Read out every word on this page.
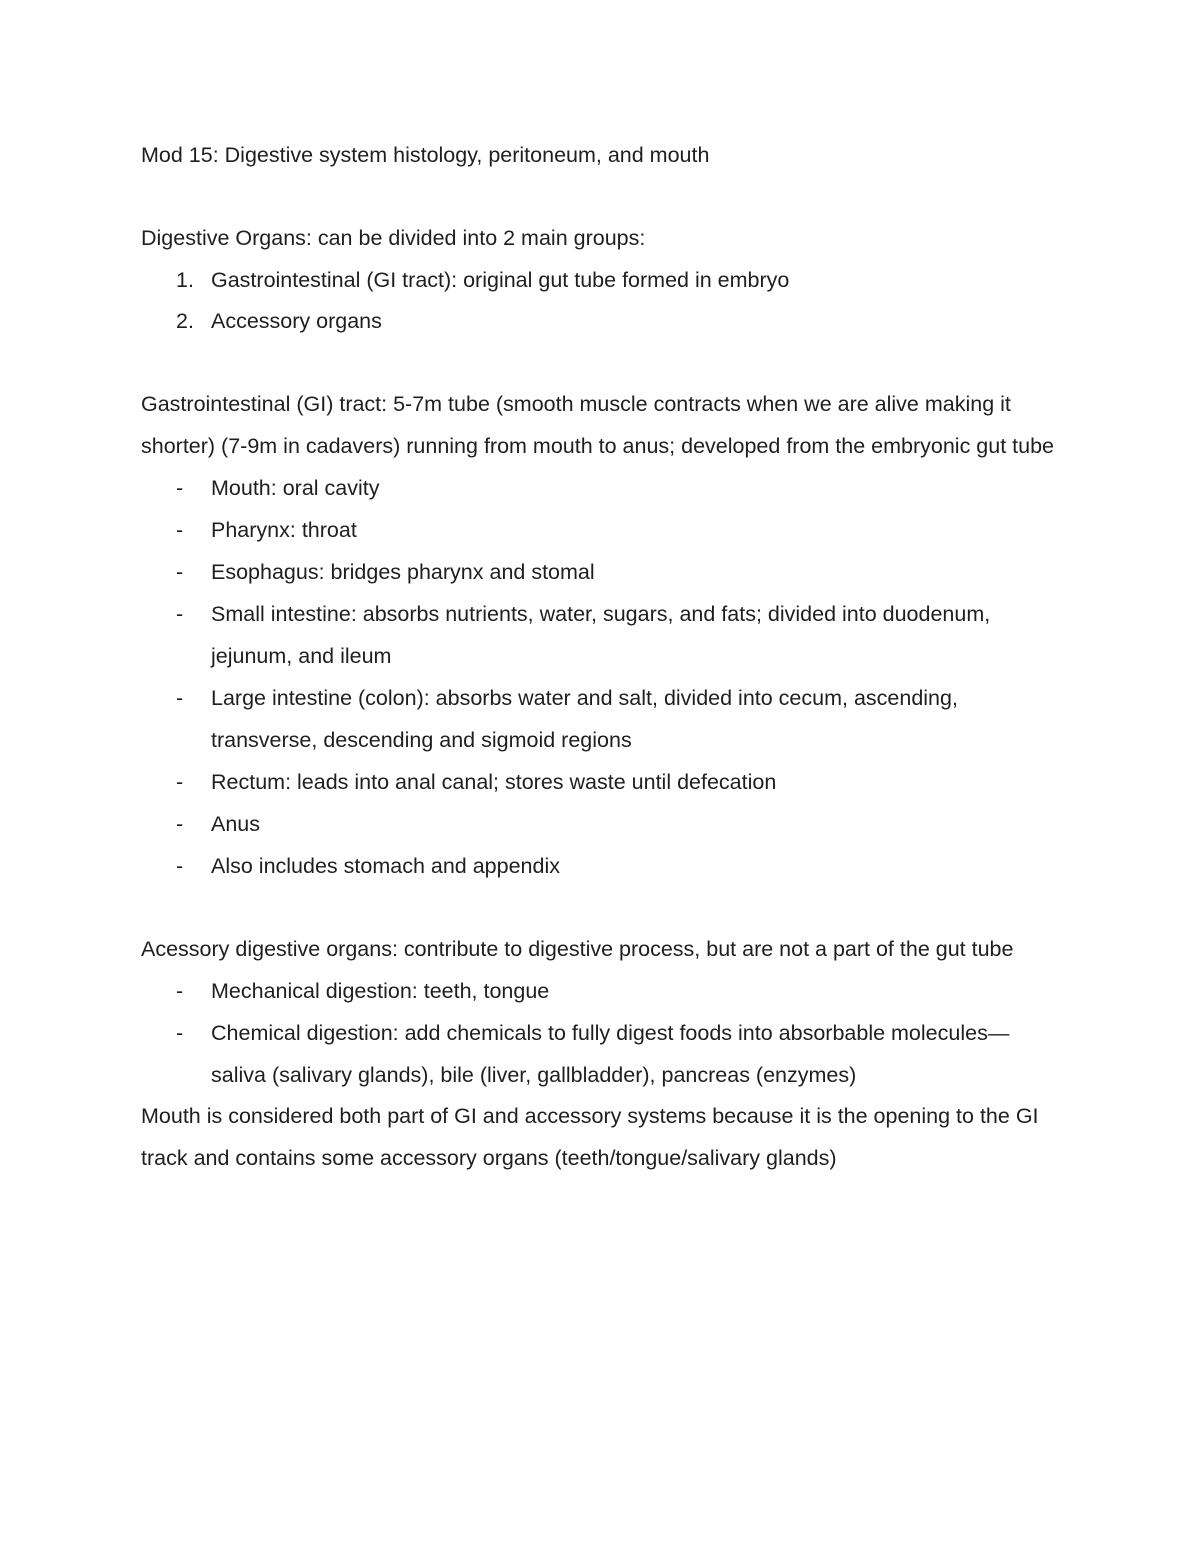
Mod 15: Digestive system histology, peritoneum, and mouth

Digestive Organs: can be divided into 2 main groups:

1. Gastrointestinal (GI tract): original gut tube formed in embryo
2. Accessory organs

Gastrointestinal (GI) tract: 5-7m tube (smooth muscle contracts when we are alive making it shorter) (7-9m in cadavers) running from mouth to anus; developed from the embryonic gut tube

- Mouth: oral cavity
- Pharynx: throat
- Esophagus: bridges pharynx and stomal
- Small intestine: absorbs nutrients, water, sugars, and fats; divided into duodenum, jejunum, and ileum
- Large intestine (colon): absorbs water and salt, divided into cecum, ascending, transverse, descending and sigmoid regions
- Rectum: leads into anal canal; stores waste until defecation
- Anus
- Also includes stomach and appendix

Acessory digestive organs: contribute to digestive process, but are not a part of the gut tube

- Mechanical digestion: teeth, tongue
- Chemical digestion: add chemicals to fully digest foods into absorbable molecules—saliva (salivary glands), bile (liver, gallbladder), pancreas (enzymes)

Mouth is considered both part of GI and accessory systems because it is the opening to the GI track and contains some accessory organs (teeth/tongue/salivary glands)
